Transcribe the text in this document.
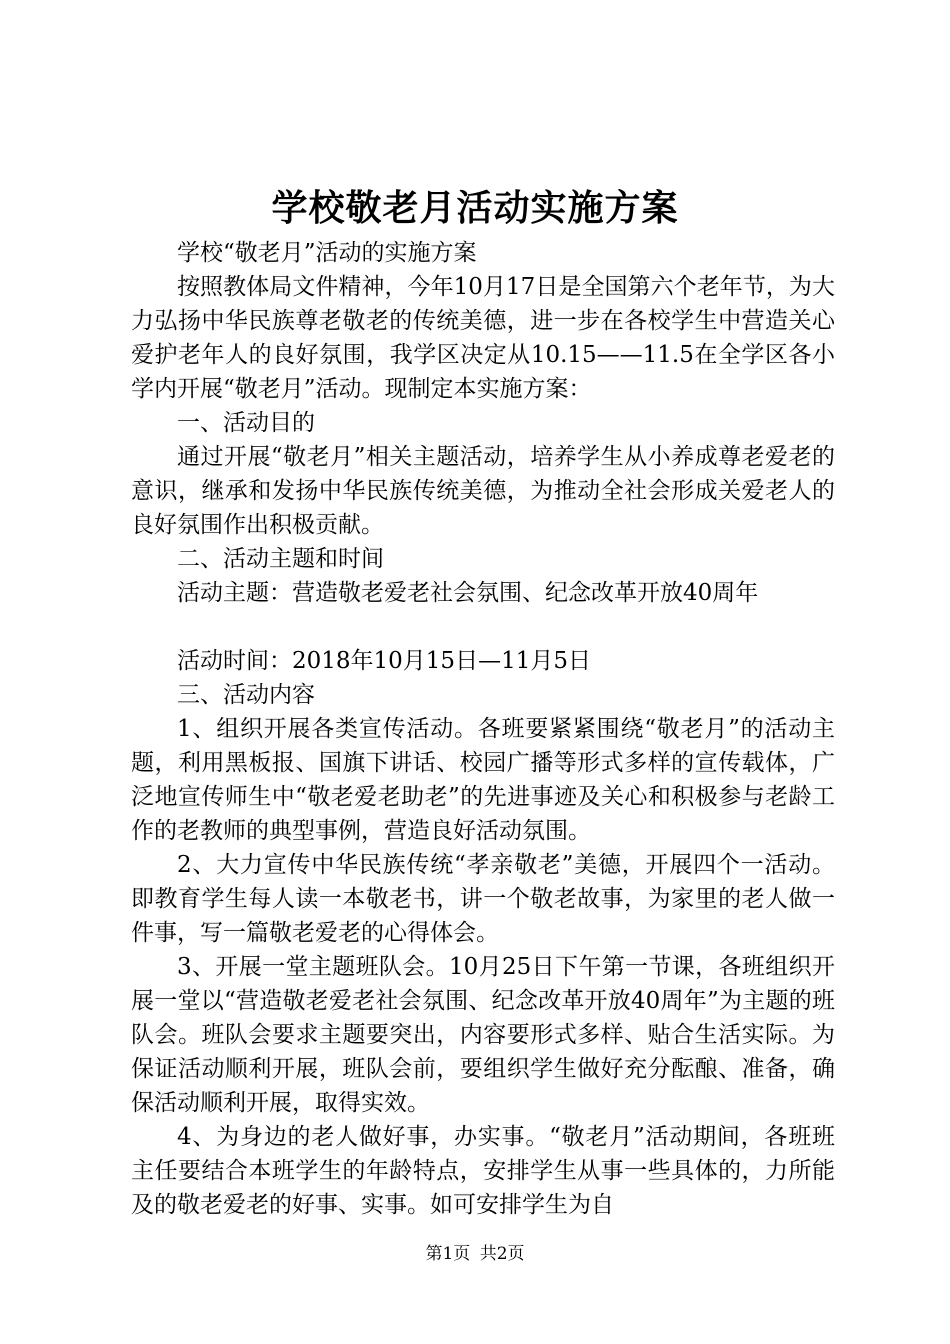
学校敬老月活动实施方案

学校“敬老月”活动的实施方案

按照教体局文件精神，今年10月17日是全国第六个老年节，为大力弘扬中华民族尊老敬老的传统美德，进一步在各校学生中营造关心爱护老年人的良好氛围，我学区决定从10.15——11.5在全学区各小学内开展“敬老月”活动。现制定本实施方案：

一、活动目的

通过开展“敬老月”相关主题活动，培养学生从小养成尊老爱老的意识，继承和发扬中华民族传统美德，为推动全社会形成关爱老人的良好氛围作出积极贡献。

二、活动主题和时间

活动主题：营造敬老爱老社会氛围、纪念改革开放40周年

活动时间：2018年10月15日—11月5日

三、活动内容

1、组织开展各类宣传活动。各班要紧紧围绕“敬老月”的活动主题，利用黑板报、国旗下讲话、校园广播等形式多样的宣传载体，广泛地宣传师生中“敬老爱老助老”的先进事迹及关心和积极参与老龄工作的老教师的典型事例，营造良好活动氛围。

2、大力宣传中华民族传统“孝亲敬老”美德，开展四个一活动。即教育学生每人读一本敬老书，讲一个敬老故事，为家里的老人做一件事，写一篇敬老爱老的心得体会。

3、开展一堂主题班队会。10月25日下午第一节课，各班组织开展一堂以“营造敬老爱老社会氛围、纪念改革开放40周年”为主题的班队会。班队会要求主题要突出，内容要形式多样、贴合生活实际。为保证活动顺利开展，班队会前，要组织学生做好充分酝酿、准备，确保活动顺利开展，取得实效。

4、为身边的老人做好事，办实事。“敬老月”活动期间，各班班主任要结合本班学生的年龄特点，安排学生从事一些具体的，力所能及的敬老爱老的好事、实事。如可安排学生为自

第1页 共2页
